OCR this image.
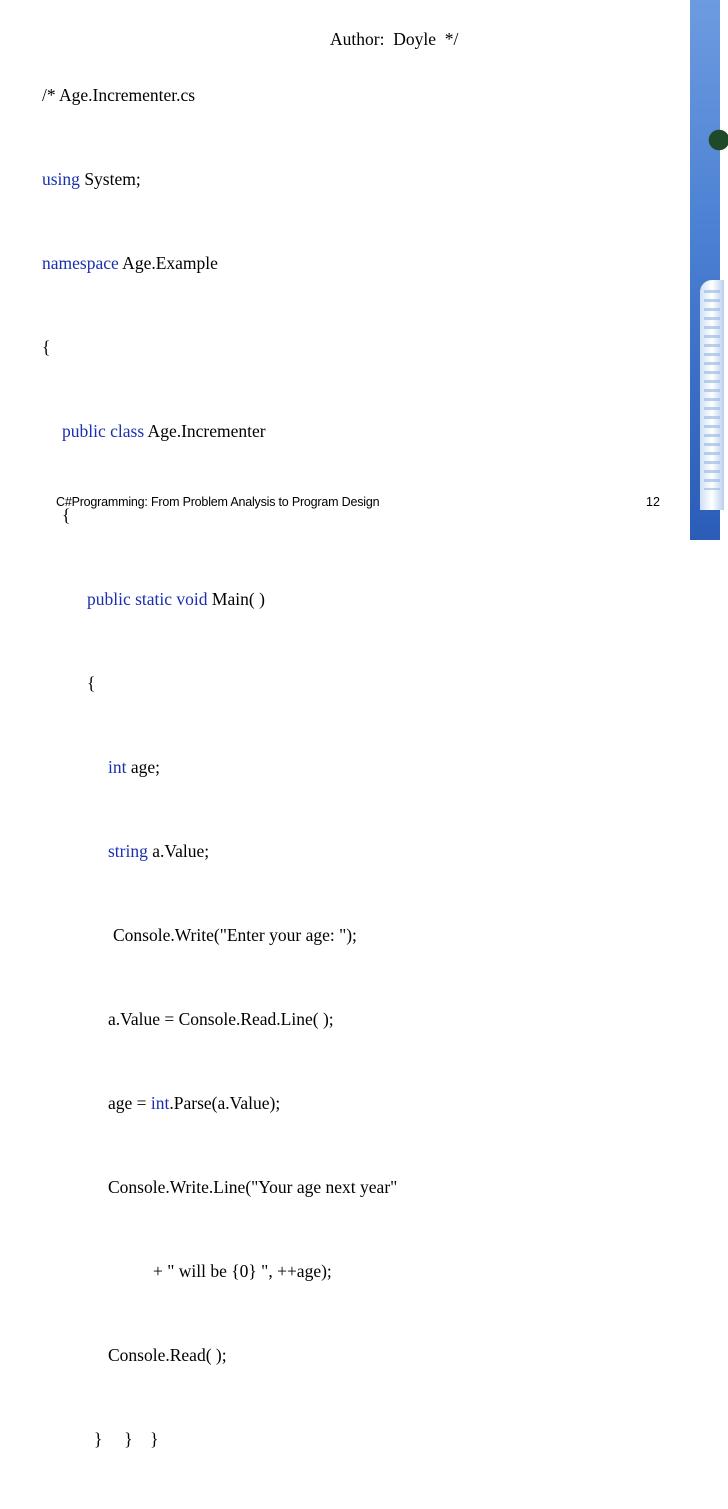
/* Age.Incrementer.cs

using System;

namespace Age.Example

{

public class Age.Incrementer

{

public static void Main( )

{

int age;

string a.Value;

Console.Write("Enter your age: ");

a.Value = Console.Read.Line( );

age = int.Parse(a.Value);

Console.Write.Line("Your age next year"

+ " will be {0} ", ++age);

Console.Read( );

}     }    }

Author:  Doyle  */
C#Programming: From Problem Analysis to Program Design	12
